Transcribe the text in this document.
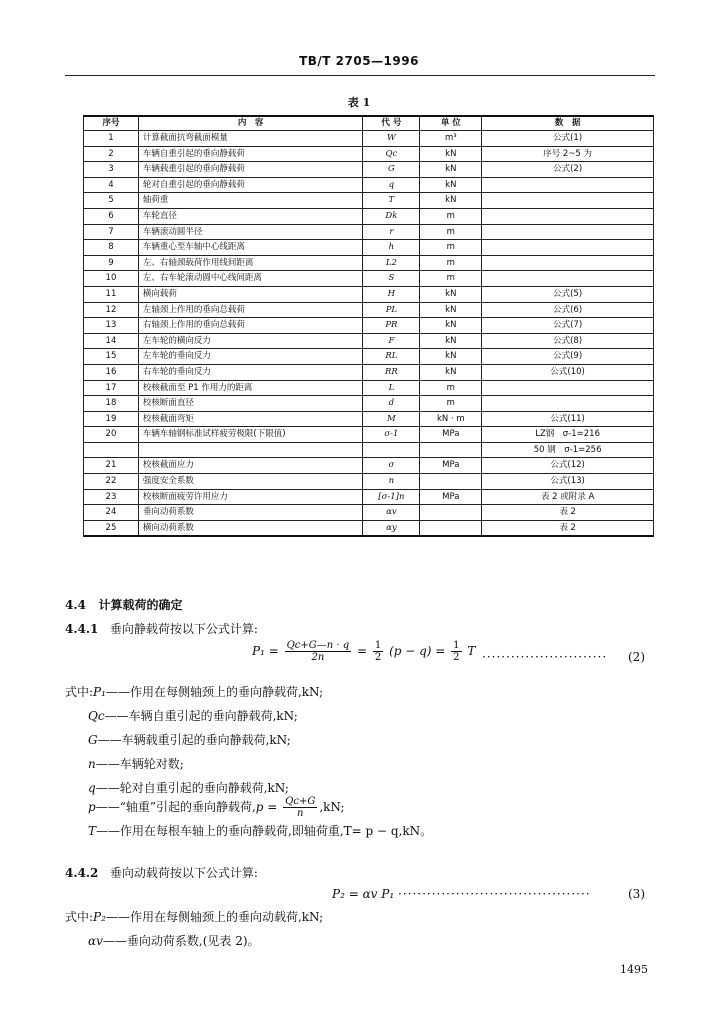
TB/T 2705—1996
表 1
序号	内　容	代 号	单 位	数　据
1	计算截面抗弯截面模量	W	m³	公式(1)
2	车辆自重引起的垂向静载荷	Qc	kN	序号 2~5 为
3	车辆载重引起的垂向静载荷	G	kN	公式(2)
4	轮对自重引起的垂向静载荷	q	kN	
5	轴荷重	T	kN	
6	车轮直径	Dk	m	
7	车辆滚动圆半径	r	m	
8	车辆重心至车轴中心线距离	h	m	
9	左、右轴颈载荷作用线间距离	L2	m	
10	左、右车轮滚动圆中心线间距离	S	m	
11	横向载荷	H	kN	公式(5)
12	左轴颈上作用的垂向总载荷	PL	kN	公式(6)
13	右轴颈上作用的垂向总载荷	PR	kN	公式(7)
14	左车轮的横向反力	F	kN	公式(8)
15	左车轮的垂向反力	RL	kN	公式(9)
16	右车轮的垂向反力	RR	kN	公式(10)
17	校核截面至 P1 作用力的距离	L	m	
18	校核断面直径	d	m	
19	校核截面弯矩	M	kN · m	公式(11)
20	车辆车轴钢标准试样疲劳极限(下限值)	σ-1	MPa	LZ钢　σ-1=216
				50 钢　σ-1=256
21	校核截面应力	σ	MPa	公式(12)
22	强度安全系数	n		公式(13)
23	校核断面疲劳许用应力	[σ-1]n	MPa	表 2 或附录 A
24	垂向动荷系数	αv		表 2
25	横向动荷系数	αy		表 2
4.4 计算载荷的确定
4.4.1 垂向静载荷按以下公式计算:
$P_1 = \frac{Qc+G—n \cdot q}{2n} = \frac{1}{2} (p - q) = \frac{1}{2}$ T ·························· (2)
式中:P₁——作用在每侧轴颈上的垂向静载荷,kN;
Qc——车辆自重引起的垂向静载荷,kN;
G——车辆载重引起的垂向静载荷,kN;
n——车辆轮对数;
q——轮对自重引起的垂向静载荷,kN;
p——“轴重”引起的垂向静载荷$,p = \frac{Qc+G}{n} ,kN$;
T——作用在每根车轴上的垂向静载荷,即轴荷重,T= p − q,kN。
4.4.2 垂向动载荷按以下公式计算:
P₂ = αv P₁ ········································	(3)
式中:P₂——作用在每侧轴颈上的垂向动载荷,kN;
αv——垂向动荷系数,(见表 2)。
1495
